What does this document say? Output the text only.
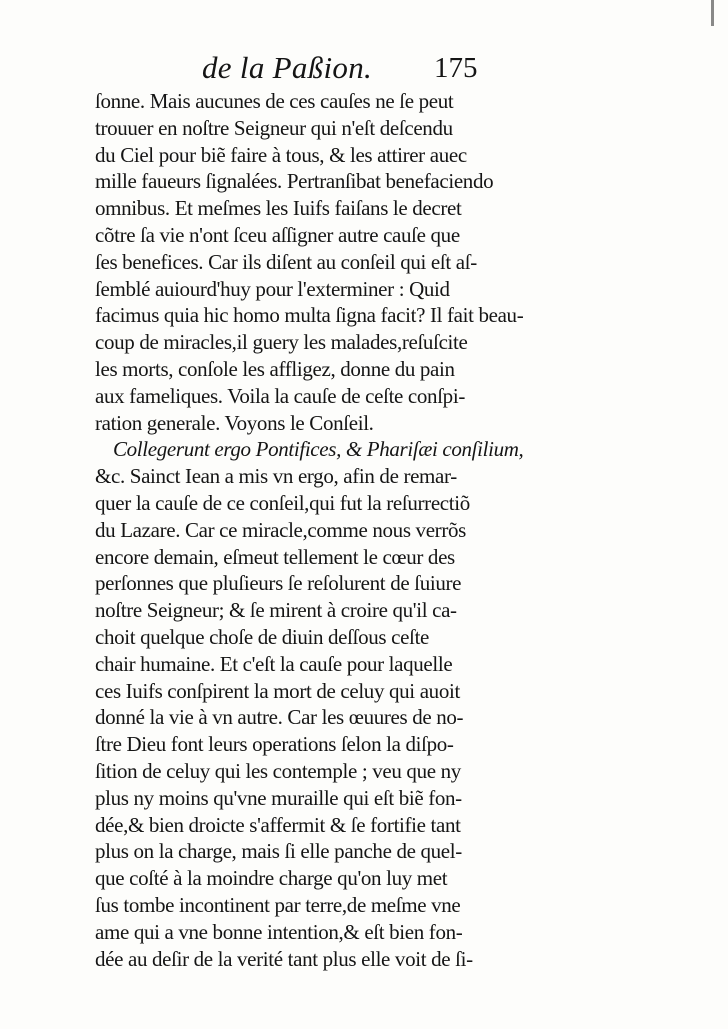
de la Paßion. 175
ſonne. Mais aucunes de ces cauſes ne ſe peut
trouuer en noſtre Seigneur qui n'eſt deſcendu
du Ciel pour biẽ faire à tous, & les attirer auec
mille faueurs ſignalées. Pertranſibat benefaciendo
omnibus. Et meſmes les Iuifs faiſans le decret
cõtre ſa vie n'ont ſceu aſſigner autre cauſe que
ſes benefices. Car ils diſent au conſeil qui eſt aſ-
ſemblé auiourd'huy pour l'exterminer : Quid
facimus quia hic homo multa ſigna facit? Il fait beau-
coup de miracles,il guery les malades,reſuſcite
les morts, conſole les affligez, donne du pain
aux fameliques. Voila la cauſe de ceſte conſpi-
ration generale. Voyons le Conſeil.
Collegerunt ergo Pontifices, & Phariſæi conſilium,
&c. Sainct Iean a mis vn ergo, afin de remar-
quer la cauſe de ce conſeil,qui fut la reſurrectiõ
du Lazare. Car ce miracle,comme nous verrõs
encore demain, eſmeut tellement le cœur des
perſonnes que pluſieurs ſe reſolurent de ſuiure
noſtre Seigneur; & ſe mirent à croire qu'il ca-
choit quelque choſe de diuin deſſous ceſte
chair humaine. Et c'eſt la cauſe pour laquelle
ces Iuifs conſpirent la mort de celuy qui auoit
donné la vie à vn autre. Car les œuures de no-
ſtre Dieu font leurs operations ſelon la diſpo-
ſition de celuy qui les contemple ; veu que ny
plus ny moins qu'vne muraille qui eſt biẽ fon-
dée,& bien droicte s'affermit & ſe fortifie tant
plus on la charge, mais ſi elle panche de quel-
que coſté à la moindre charge qu'on luy met
ſus tombe incontinent par terre,de meſme vne
ame qui a vne bonne intention,& eſt bien fon-
dée au deſir de la verité tant plus elle voit de ſi-
